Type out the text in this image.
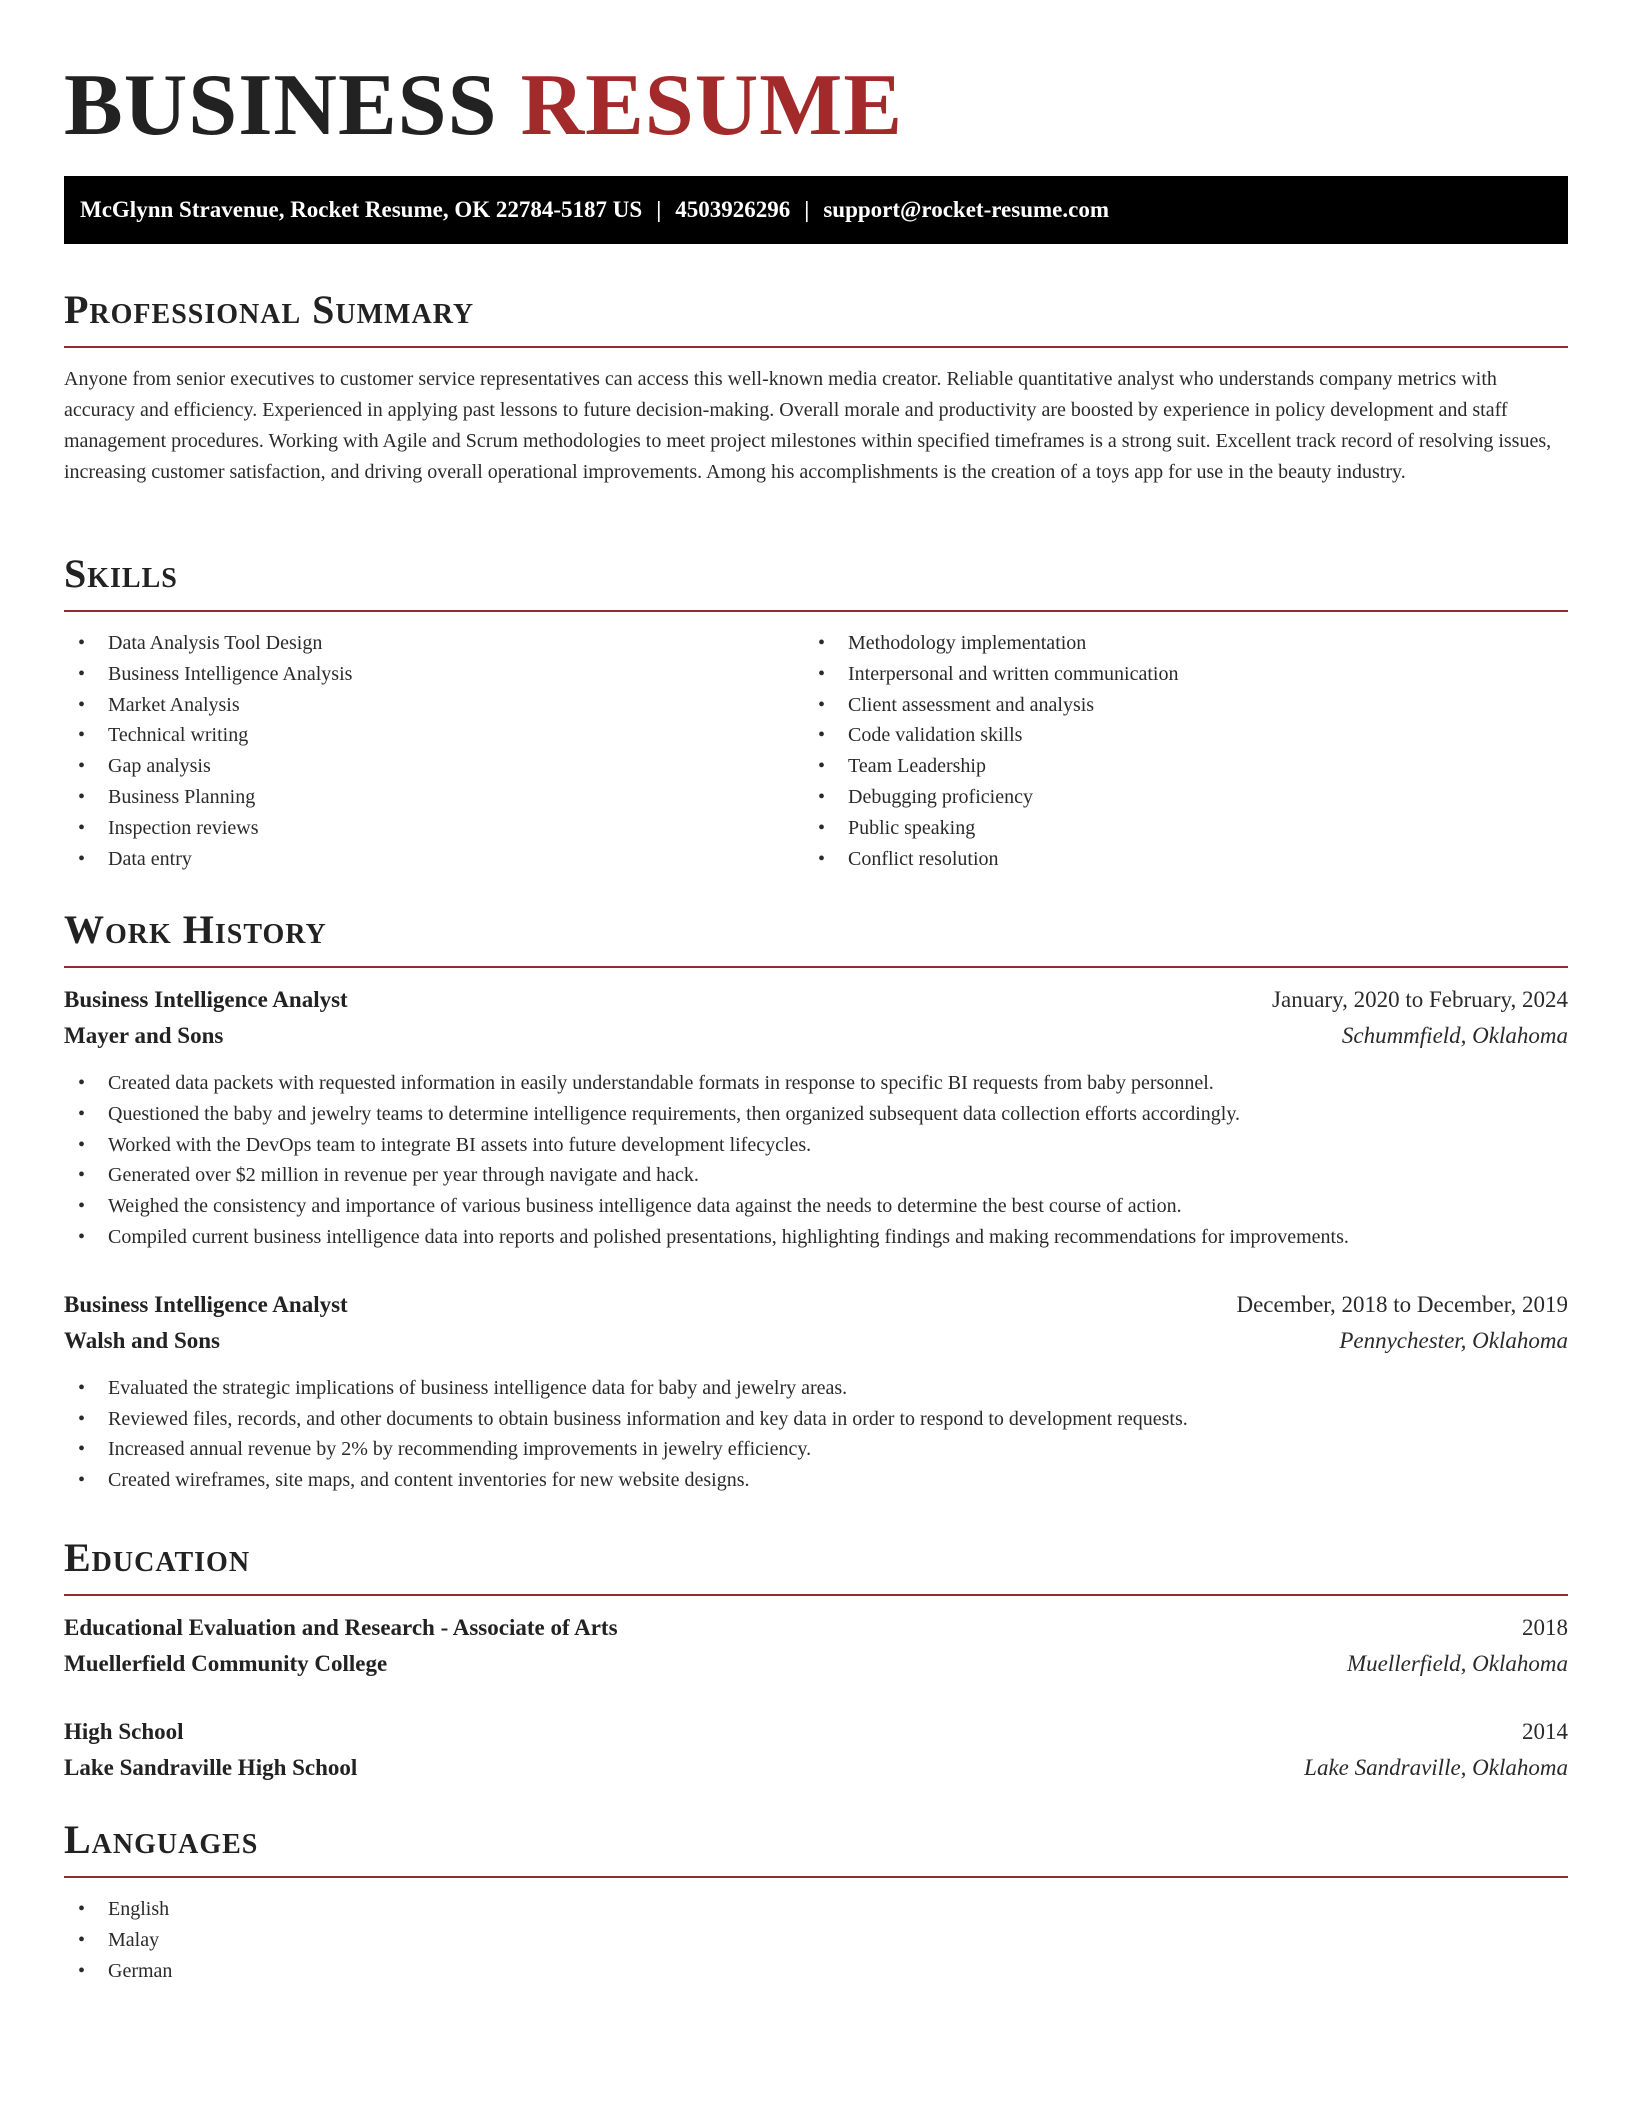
BUSINESS RESUME
McGlynn Stravenue, Rocket Resume, OK 22784-5187 US | 4503926296 | support@rocket-resume.com
Professional Summary

Anyone from senior executives to customer service representatives can access this well-known media creator. Reliable quantitative analyst who understands company metrics with accuracy and efficiency. Experienced in applying past lessons to future decision-making. Overall morale and productivity are boosted by experience in policy development and staff management procedures. Working with Agile and Scrum methodologies to meet project milestones within specified timeframes is a strong suit. Excellent track record of resolving issues, increasing customer satisfaction, and driving overall operational improvements. Among his accomplishments is the creation of a toys app for use in the beauty industry.

Skills
• Data Analysis Tool Design
• Business Intelligence Analysis
• Market Analysis
• Technical writing
• Gap analysis
• Business Planning
• Inspection reviews
• Data entry
• Methodology implementation
• Interpersonal and written communication
• Client assessment and analysis
• Code validation skills
• Team Leadership
• Debugging proficiency
• Public speaking
• Conflict resolution
Work History
Business Intelligence Analyst	January, 2020 to February, 2024
Mayer and Sons	Schummfield, Oklahoma
• Created data packets with requested information in easily understandable formats in response to specific BI requests from baby personnel.
• Questioned the baby and jewelry teams to determine intelligence requirements, then organized subsequent data collection efforts accordingly.
• Worked with the DevOps team to integrate BI assets into future development lifecycles.
• Generated over $2 million in revenue per year through navigate and hack.
• Weighed the consistency and importance of various business intelligence data against the needs to determine the best course of action.
• Compiled current business intelligence data into reports and polished presentations, highlighting findings and making recommendations for improvements.
Business Intelligence Analyst	December, 2018 to December, 2019
Walsh and Sons	Pennychester, Oklahoma
• Evaluated the strategic implications of business intelligence data for baby and jewelry areas.
• Reviewed files, records, and other documents to obtain business information and key data in order to respond to development requests.
• Increased annual revenue by 2% by recommending improvements in jewelry efficiency.
• Created wireframes, site maps, and content inventories for new website designs.
Education
Educational Evaluation and Research - Associate of Arts	2018
Muellerfield Community College	Muellerfield, Oklahoma
High School	2014
Lake Sandraville High School	Lake Sandraville, Oklahoma
Languages
• English
• Malay
• German
